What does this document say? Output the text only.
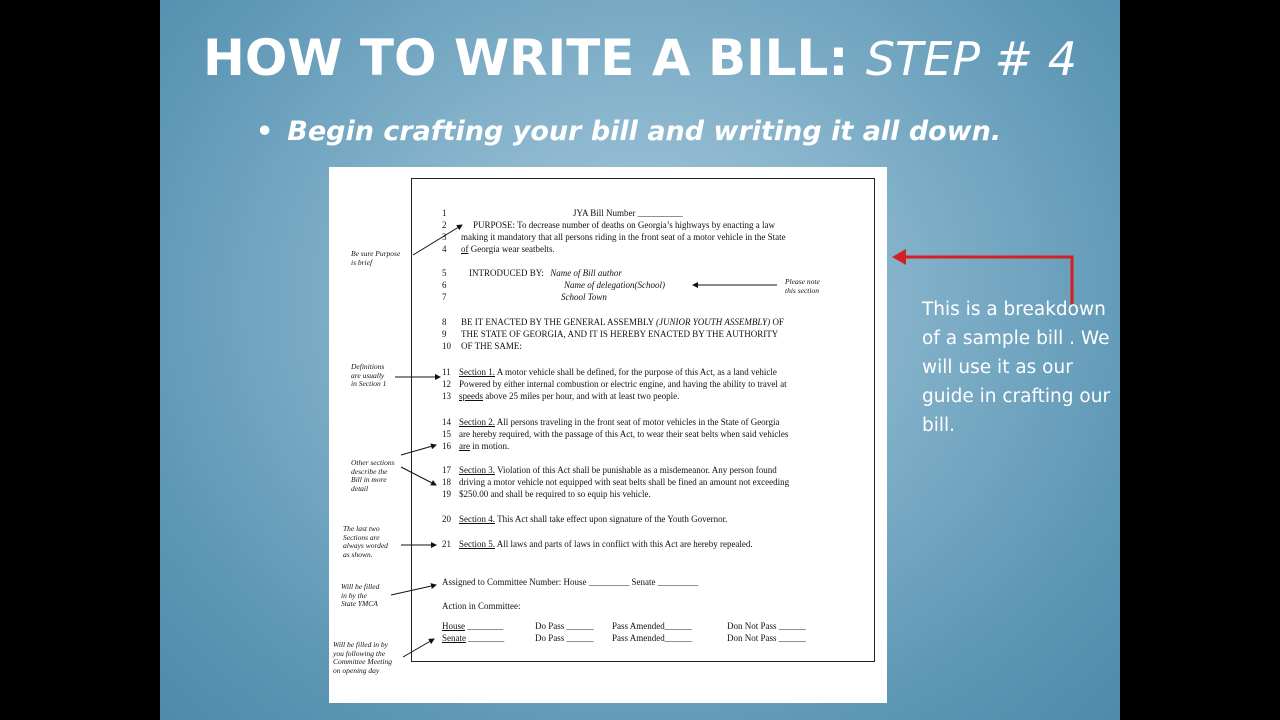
HOW TO WRITE A BILL: STEP # 4
• Begin crafting your bill and writing it all down.
Be sure Purpose
is brief
Please note
this section
Definitions
are usually
in Section 1
Other sections
describe the
Bill in more
detail
The last two
Sections are
always worded
as shown.
Will be filled
in by the
State YMCA
Will be filled in by
you following the
Committee Meeting
on opening day
1	JYA Bill Number __________
2	PURPOSE: To decrease number of deaths on Georgia’s highways by enacting a law
3 making it mandatory that all persons riding in the front seat of a motor vehicle in the State
4 of Georgia wear seatbelts.
5	INTRODUCED BY: Name of Bill author
6	Name of delegation(School)
7	School Town
8 BE IT ENACTED BY THE GENERAL ASSEMBLY (JUNIOR YOUTH ASSEMBLY) OF
9 THE STATE OF GEORGIA, AND IT IS HEREBY ENACTED BY THE AUTHORITY
10 OF THE SAME:
11 Section 1. A motor vehicle shall be defined, for the purpose of this Act, as a land vehicle
12 Powered by either internal combustion or electric engine, and having the ability to travel at
13 speeds above 25 miles per hour, and with at least two people.
14 Section 2. All persons traveling in the front seat of motor vehicles in the State of Georgia
15 are hereby required, with the passage of this Act, to wear their seat belts when said vehicles
16 are in motion.
17 Section 3. Violation of this Act shall be punishable as a misdemeanor. Any person found
18 driving a motor vehicle not equipped with seat belts shall be fined an amount not exceeding
19 $250.00 and shall be required to so equip his vehicle.
20 Section 4. This Act shall take effect upon signature of the Youth Governor.
21 Section 5. All laws and parts of laws in conflict with this Act are hereby repealed.
Assigned to Committee Number: House _________ Senate _________
Action in Committee:
House ________	Do Pass ______ Pass Amended______	Don Not Pass ______
Senate ________	Do Pass ______ Pass Amended______	Don Not Pass ______
This is a breakdown of a sample bill . We will use it as our guide in crafting our bill.
